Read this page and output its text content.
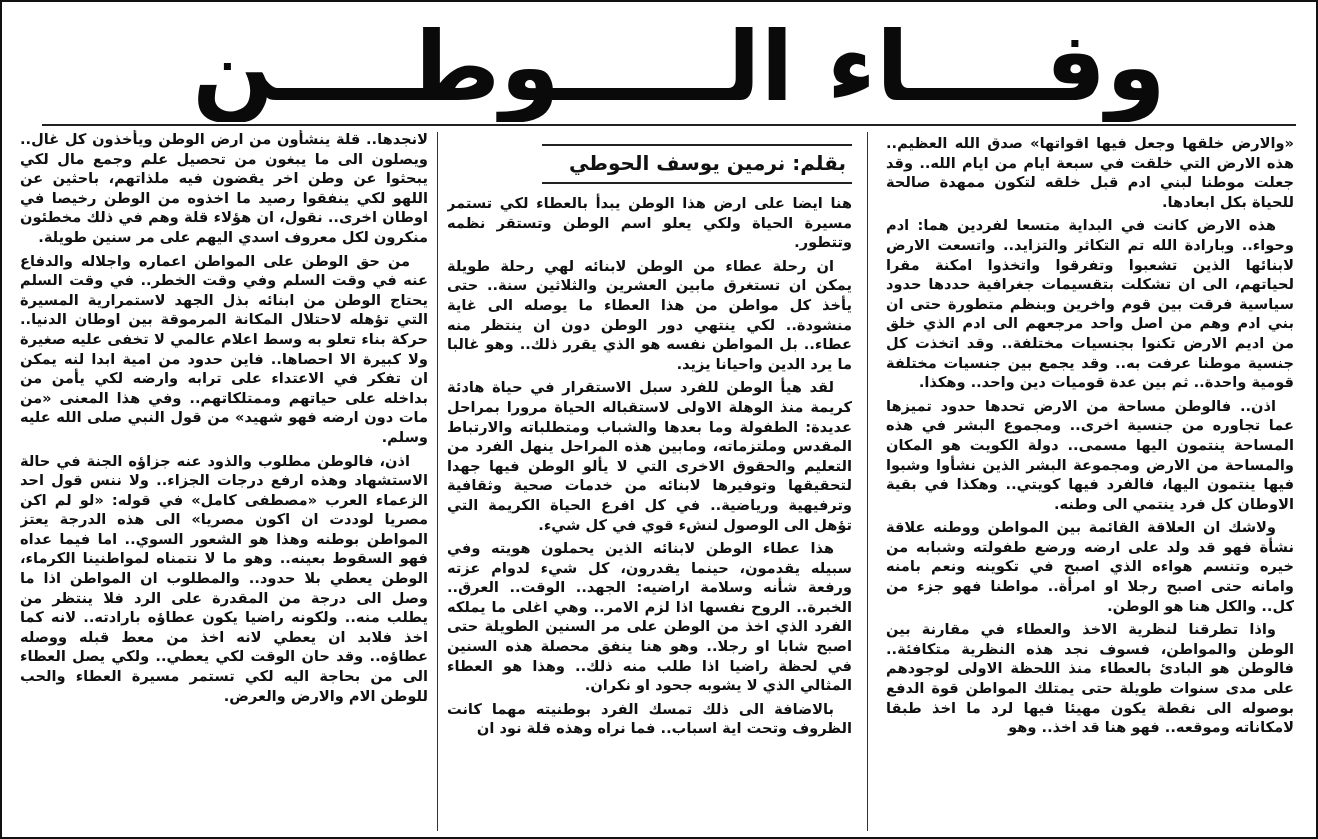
وفــــاء الـــــوطــــن

«والارض خلقها وجعل فيها اقواتها» صدق الله العظيم.. هذه الارض التي خلقت في سبعة ايام من ايام الله.. وقد جعلت موطنا لبني ادم قبل خلقه لتكون ممهدة صالحة للحياة بكل ابعادها.

هذه الارض كانت في البداية متسعا لفردين هما: ادم وحواء.. وبارادة الله تم التكاثر والتزايد.. واتسعت الارض لابنائها الذين تشعبوا وتفرقوا واتخذوا امكنة مقرا لحياتهم، الى ان تشكلت بتقسيمات جغرافية حددها حدود سياسية فرقت بين قوم واخرين وبنظم متطورة حتى ان بني ادم وهم من اصل واحد مرجعهم الى ادم الذي خلق من اديم الارض تكنوا بجنسيات مختلفة.. وقد اتخذت كل جنسية موطنا عرفت به.. وقد يجمع بين جنسيات مختلفة قومية واحدة.. ثم بين عدة قوميات دين واحد.. وهكذا.

اذن.. فالوطن مساحة من الارض تحدها حدود تميزها عما تجاوره من جنسية اخرى.. ومجموع البشر في هذه المساحة ينتمون اليها مسمى.. دولة الكويت هو المكان والمساحة من الارض ومجموعة البشر الذين نشأوا وشبوا فيها ينتمون اليها، فالفرد فيها كويتي.. وهكذا في بقية الاوطان كل فرد ينتمي الى وطنه.

ولاشك ان العلاقة القائمة بين المواطن ووطنه علاقة نشأة فهو قد ولد على ارضه ورضع طفولته وشبابه من خيره وتنسم هواءه الذي اصبح في تكوينه ونعم بامنه وامانه حتى اصبح رجلا او امرأة.. مواطنا فهو جزء من كل.. والكل هنا هو الوطن.

واذا تطرقنا لنظرية الاخذ والعطاء في مقارنة بين الوطن والمواطن، فسوف نجد هذه النظرية متكافئة.. فالوطن هو البادئ بالعطاء منذ اللحظة الاولى لوجودهم على مدى سنوات طويلة حتى يمتلك المواطن قوة الدفع بوصوله الى نقطة يكون مهيئا فيها لرد ما اخذ طبقا لامكاناته وموقعه.. فهو هنا قد اخذ.. وهو

بقلم: نرمين يوسف الحوطي

هنا ايضا على ارض هذا الوطن يبدأ بالعطاء لكي تستمر مسيرة الحياة ولكي يعلو اسم الوطن وتستقر نظمه وتتطور.

ان رحلة عطاء من الوطن لابنائه لهي رحلة طويلة يمكن ان تستغرق مابين العشرين والثلاثين سنة.. حتى يأخذ كل مواطن من هذا العطاء ما يوصله الى غاية منشودة.. لكي ينتهي دور الوطن دون ان ينتظر منه عطاء.. بل المواطن نفسه هو الذي يقرر ذلك.. وهو غالبا ما يرد الدين واحيانا يزيد.

لقد هيأ الوطن للفرد سبل الاستقرار في حياة هادئة كريمة منذ الوهلة الاولى لاستقباله الحياة مرورا بمراحل عديدة: الطفولة وما بعدها والشباب ومتطلباته والارتباط المقدس وملتزماته، ومابين هذه المراحل ينهل الفرد من التعليم والحقوق الاخرى التي لا يألو الوطن فيها جهدا لتحقيقها وتوفيرها لابنائه من خدمات صحية وثقافية وترفيهية ورياضية.. في كل افرع الحياة الكريمة التي تؤهل الى الوصول لنشء قوي في كل شيء.

هذا عطاء الوطن لابنائه الذين يحملون هويته وفي سبيله يقدمون، حينما يقدرون، كل شيء لدوام عزته ورفعة شأنه وسلامة اراضيه: الجهد.. الوقت.. العرق.. الخبرة.. الروح نفسها اذا لزم الامر.. وهي اغلى ما يملكه الفرد الذي اخذ من الوطن على مر السنين الطويلة حتى اصبح شابا او رجلا.. وهو هنا ينفق محصلة هذه السنين في لحظة راضيا اذا طلب منه ذلك.. وهذا هو العطاء المثالي الذي لا يشوبه جحود او نكران.

بالاضافة الى ذلك تمسك الفرد بوطنيته مهما كانت الظروف وتحت اية اسباب.. فما نراه وهذه قلة نود ان

لانجدها.. قلة ينشأون من ارض الوطن ويأخذون كل غال.. ويصلون الى ما يبغون من تحصيل علم وجمع مال لكي يبحثوا عن وطن اخر يقضون فيه ملذاتهم، باحثين عن اللهو لكي ينفقوا رصيد ما اخذوه من الوطن رخيصا في اوطان اخرى.. نقول، ان هؤلاء قلة وهم في ذلك مخطئون منكرون لكل معروف اسدي اليهم على مر سنين طويلة.

من حق الوطن على المواطن اعماره واجلاله والدفاع عنه في وقت السلم وفي وقت الخطر.. في وقت السلم يحتاج الوطن من ابنائه بذل الجهد لاستمرارية المسيرة التي تؤهله لاحتلال المكانة المرموقة بين اوطان الدنيا.. حركة بناء تعلو به وسط اعلام عالمي لا تخفى عليه صغيرة ولا كبيرة الا احصاها.. فاين حدود من امية ابدا لنه يمكن ان تفكر في الاعتداء على ترابه وارضه لكي يأمن من بداخله على حياتهم وممتلكاتهم.. وفي هذا المعنى «من مات دون ارضه فهو شهيد» من قول النبي صلى الله عليه وسلم.

اذن، فالوطن مطلوب والذود عنه جزاؤه الجنة في حالة الاستشهاد وهذه ارفع درجات الجزاء.. ولا ننس قول احد الزعماء العرب «مصطفى كامل» في قوله: «لو لم اكن مصريا لوددت ان اكون مصريا» الى هذه الدرجة يعتز المواطن بوطنه وهذا هو الشعور السوي.. اما فيما عداه فهو السقوط بعينه.. وهو ما لا نتمناه لمواطنينا الكرماء، الوطن يعطي بلا حدود.. والمطلوب ان المواطن اذا ما وصل الى درجة من المقدرة على الرد فلا ينتظر من يطلب منه.. ولكونه راضيا يكون عطاؤه بارادته.. لانه كما اخذ فلابد ان يعطي لانه اخذ من معط قبله ووصله عطاؤه.. وقد حان الوقت لكي يعطي.. ولكي يصل العطاء الى من بحاجة اليه لكي تستمر مسيرة العطاء والحب للوطن الام والارض والعرض.
